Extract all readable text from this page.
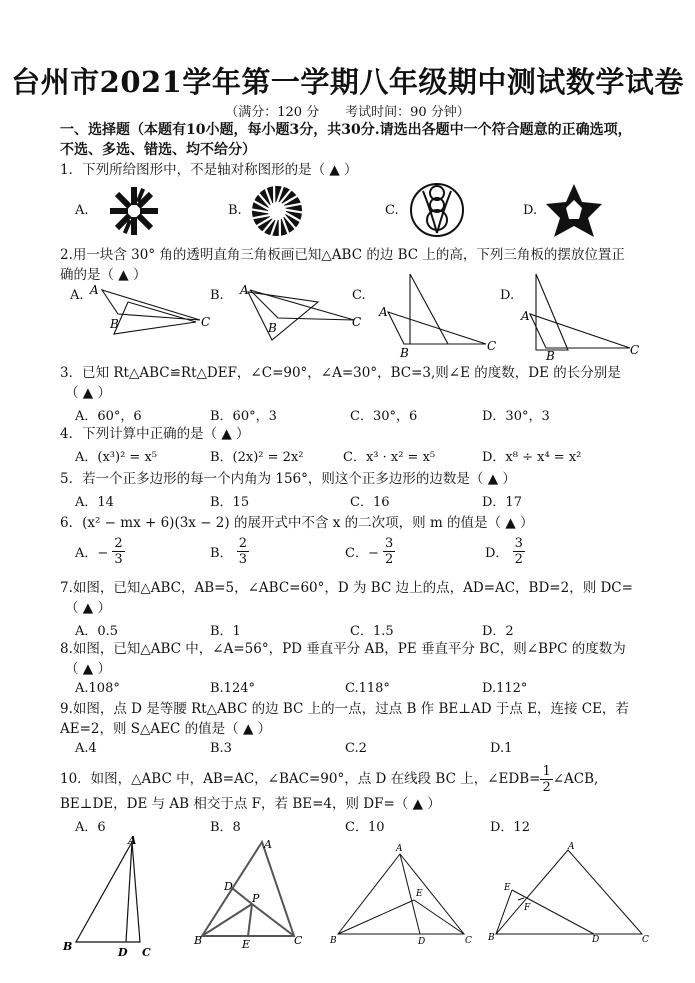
台州市2021学年第一学期八年级期中测试数学试卷
（满分：120 分　　考试时间：90 分钟）
一、选择题（本题有10小题，每小题3分，共30分.请选出各题中一个符合题意的正确选项，
不选、多选、错选、均不给分）
1．下列所给图形中，不是轴对称图形的是（ ▲ ）
A.	B.	C.	D.
2.用一块含 30° 角的透明直角三角板画已知△ABC 的边 BC 上的高，下列三角板的摆放位置正
确的是（ ▲ ）
A.	B.	C.	D.
A
B	C
A
B	C
A
B	C
A
B	C
3．已知 Rt△ABC≌Rt△DEF，∠C=90°，∠A=30°，BC=3,则∠E 的度数，DE 的长分别是
（ ▲ ）
A．60°，6	B．60°，3	C．30°，6	D．30°，3
4．下列计算中正确的是（ ▲ ）
A．(x³)² = x⁵	B．(2x)² = 2x²	C．x³ · x² = x⁵	D．x⁸ ÷ x⁴ = x²
5．若一个正多边形的每一个内角为 156°，则这个正多边形的边数是（ ▲ ）
A．14	B．15	C．16	D．17
6．(x² − mx + 6)(3x − 2) 的展开式中不含 x 的二次项，则 m 的值是（ ▲ ）
A．− $\frac{2}{3}$	B． $\frac{2}{3}$	C．− $\frac{3}{2}$	D． $\frac{3}{2}$
7.如图，已知△ABC，AB=5，∠ABC=60°，D 为 BC 边上的点，AD=AC，BD=2，则 DC=
（ ▲ ）
A．0.5	B．1	C．1.5	D．2
8.如图，已知△ABC 中，∠A=56°，PD 垂直平分 AB，PE 垂直平分 BC，则∠BPC 的度数为
（ ▲ ）
A.108°	B.124°	C.118°	D.112°
9.如图，点 D 是等腰 Rt△ABC 的边 BC 上的一点，过点 B 作 BE⊥AD 于点 E，连接 CE，若
AE=2，则 S△AEC 的值是（ ▲ ）
A.4	B.3	C.2	D.1
10．如图，△ABC 中，AB=AC，∠BAC=90°，点 D 在线段 BC 上，∠EDB= $\frac{1}{2}$ ∠ACB,
BE⊥DE，DE 与 AB 相交于点 F，若 BE=4，则 DF=（ ▲ ）
A．6	B．8	C．10	D．12
A
B	D C
A
D
P
B	E	C
A
E
B	D	C
A
E
F
B	D	C
